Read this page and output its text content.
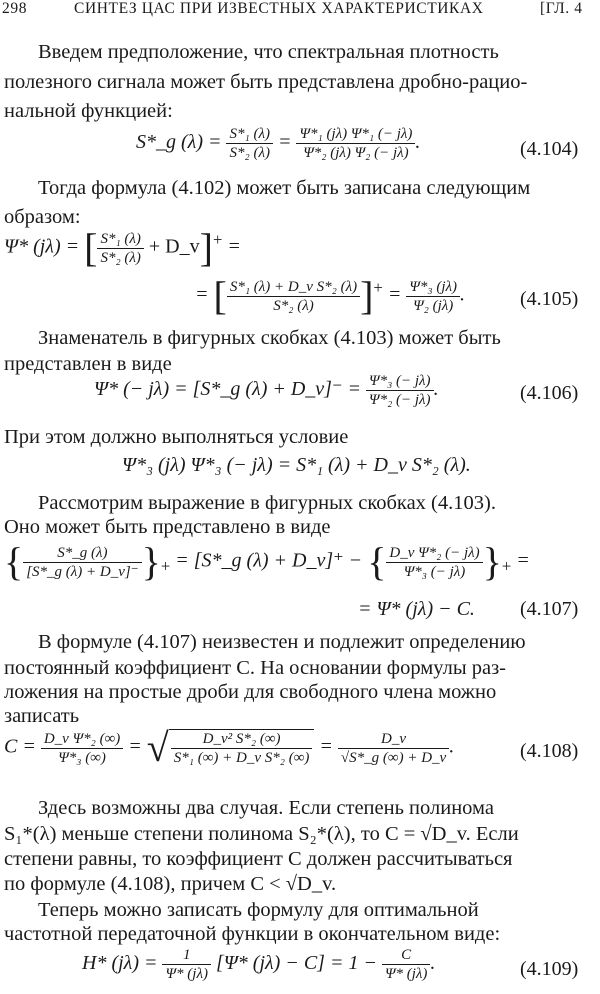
298	СИНТЕЗ ЦАС ПРИ ИЗВЕСТНЫХ ХАРАКТЕРИСТИКАХ	[ГЛ. 4
Введем предположение, что спектральная плотность
полезного сигнала может быть представлена дробно-рацио-
нальной функцией:
S*_g $(\lambda) = \frac{\text{S*₁ (λ)}}{\text{S*₂ (λ)}} = \frac{\text{Ψ*₁ (jλ) Ψ*₁ (− jλ)}}{\text{Ψ*₂ (jλ) Ψ₂ (− jλ)}}$ .	(4.104)
Тогда формула (4.102) может быть записана следующим
образом:
Ψ* (jλ) = [ $\frac{\text{S*₁ (λ)}}{\text{S*₂ (λ)}}$ + D_v]+ =
= [ $\frac{\text{S*₁ (λ) + D\_v S*₂ (λ)}}{\text{S*₂ (λ)}} ]^+ = \frac{\text{Ψ*₃ (jλ)}}{\text{Ψ₂ (jλ)}}$ .	(4.105)
Знаменатель в фигурных скобках (4.103) может быть
представлен в виде
Ψ* (− jλ) = [S*_g (λ) + D_v]⁻ = $\frac{\text{Ψ*₃ (− jλ)}}{\text{Ψ*₂ (− jλ)}}$ .	(4.106)
При этом должно выполняться условие
Ψ*₃ (jλ) Ψ*₃ (− jλ) = S*₁ (λ) + D_v S*₂ (λ).
Рассмотрим выражение в фигурных скобках (4.103).
Оно может быть представлено в виде
{ $\frac{S*\_g (\lambda)}{[S*\_g (\lambda) + D\_v]^-} \}_+$ = [S*_g (λ) + D_v]⁺ − { $\frac{\text{D\_v Ψ*₂ (− jλ)}}{\text{Ψ*₃ (− jλ)}} \}_+$ =
= Ψ* (jλ) − C. (4.107)
В формуле (4.107) неизвестен и подлежит определению
постоянный коэффициент C. На основании формулы раз-
ложения на простые дроби для свободного члена можно
записать
$C = \frac{\text{D\_v Ψ*₂ (∞)}}{\text{Ψ*₃ (∞)}}$ = √ $\frac{\text{D\_v² S*₂ (∞)}}{\text{S*₁ (∞) + D\_v S*₂ (∞)}} = \frac{D\_v}{√S*\_g (\infty) + D\_v}$ .	(4.108)
Здесь возможны два случая. Если степень полинома
S₁*(λ) меньше степени полинома S₂*(λ), то C = √D_v. Если
степени равны, то коэффициент C должен рассчитываться
по формуле (4.108), причем C < √D_v.
Теперь можно записать формулу для оптимальной
частотной передаточной функции в окончательном виде:
H* $(j\lambda) = \frac{1}{\Psi* (j\lambda)} [\Psi*$ $(j\lambda) - C] = 1 - \frac{C}{\Psi* (j\lambda)}$ .	(4.109)
